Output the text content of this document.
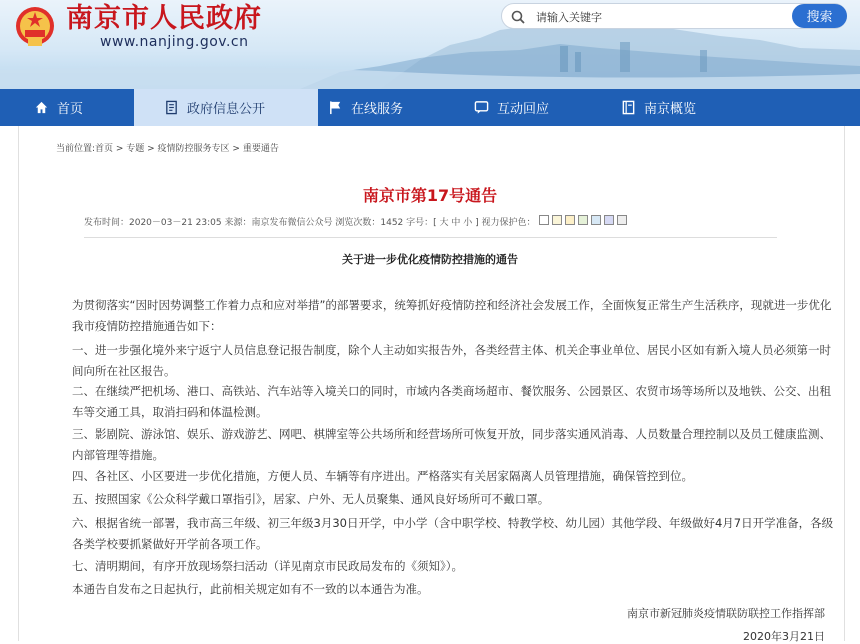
南京市人民政府
www.nanjing.gov.cn
请输入关键字
搜索
首页	政府信息公开	在线服务	互动回应	南京概览
当前位置:首页 > 专题 > 疫情防控服务专区 > 重要通告
南京市第17号通告
发布时间：2020－03－21 23:05
来源：南京发布微信公众号
浏览次数：1452
字号：[ 大 中 小 ]
视力保护色：
关于进一步优化疫情防控措施的通告
为贯彻落实“因时因势调整工作着力点和应对举措”的部署要求，统筹抓好疫情防控和经济社会发展工作，全面恢复正常生产生活秩序，现就进一步优化我市疫情防控措施通告如下：
一、进一步强化境外来宁返宁人员信息登记报告制度，除个人主动如实报告外，各类经营主体、机关企事业单位、居民小区如有新入境人员必须第一时间向所在社区报告。
二、在继续严把机场、港口、高铁站、汽车站等入境关口的同时，市域内各类商场超市、餐饮服务、公园景区、农贸市场等场所以及地铁、公交、出租车等交通工具，取消扫码和体温检测。
三、影剧院、游泳馆、娱乐、游戏游艺、网吧、棋牌室等公共场所和经营场所可恢复开放，同步落实通风消毒、人员数量合理控制以及员工健康监测、内部管理等措施。
四、各社区、小区要进一步优化措施，方便人员、车辆等有序进出。严格落实有关居家隔离人员管理措施，确保管控到位。
五、按照国家《公众科学戴口罩指引》，居家、户外、无人员聚集、通风良好场所可不戴口罩。
六、根据省统一部署，我市高三年级、初三年级3月30日开学，中小学（含中职学校、特教学校、幼儿园）其他学段、年级做好4月7日开学准备，各级各类学校要抓紧做好开学前各项工作。
七、清明期间，有序开放现场祭扫活动（详见南京市民政局发布的《须知》）。
本通告自发布之日起执行，此前相关规定如有不一致的以本通告为准。
南京市新冠肺炎疫情联防联控工作指挥部
2020年3月21日
